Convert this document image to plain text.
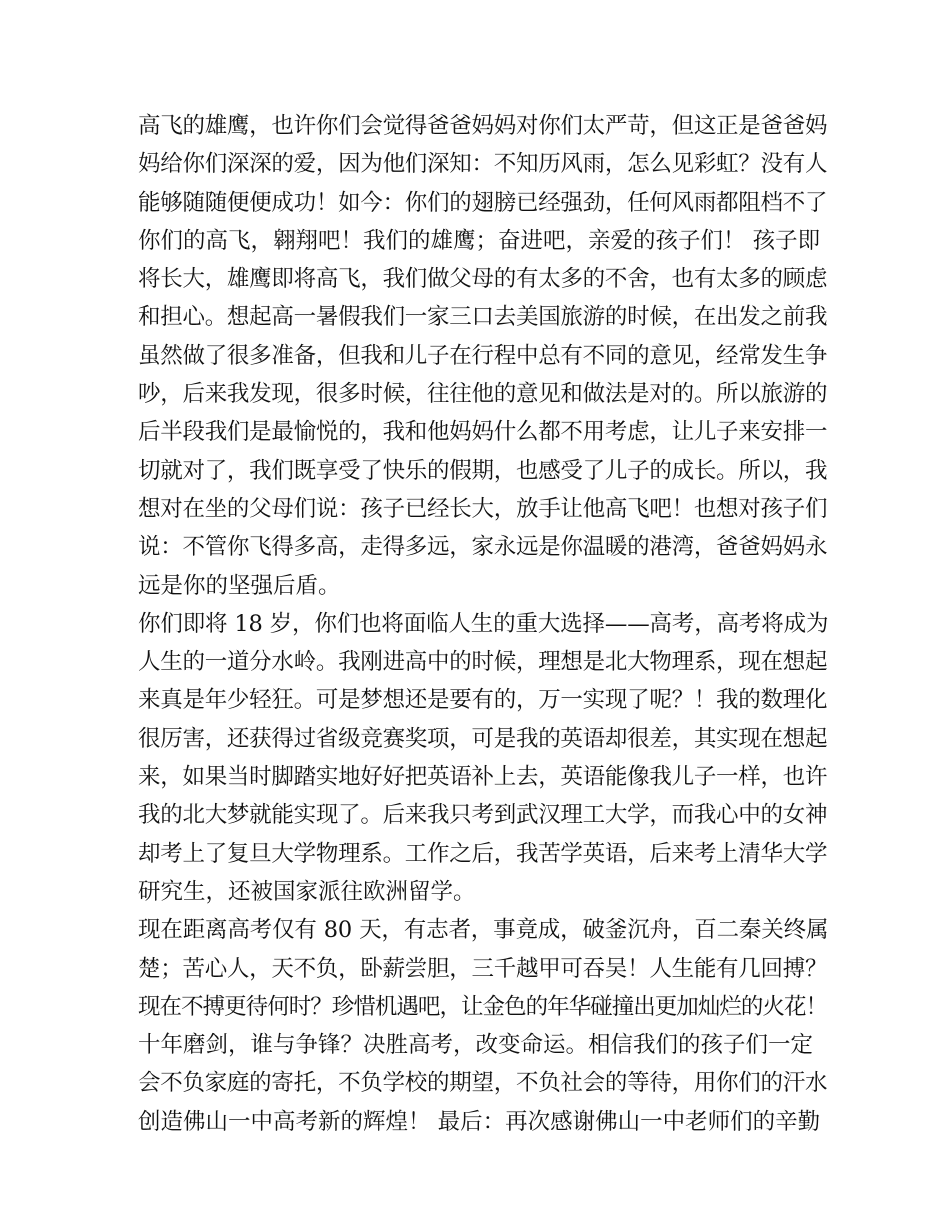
高飞的雄鹰，也许你们会觉得爸爸妈妈对你们太严苛，但这正是爸爸妈
妈给你们深深的爱，因为他们深知：不知历风雨，怎么见彩虹？没有人
能够随随便便成功！如今：你们的翅膀已经强劲，任何风雨都阻档不了
你们的高飞，翱翔吧！我们的雄鹰；奋进吧，亲爱的孩子们！ 孩子即
将长大，雄鹰即将高飞，我们做父母的有太多的不舍，也有太多的顾虑
和担心。想起高一暑假我们一家三口去美国旅游的时候，在出发之前我
虽然做了很多准备，但我和儿子在行程中总有不同的意见，经常发生争
吵，后来我发现，很多时候，往往他的意见和做法是对的。所以旅游的
后半段我们是最愉悦的，我和他妈妈什么都不用考虑，让儿子来安排一
切就对了，我们既享受了快乐的假期，也感受了儿子的成长。所以，我
想对在坐的父母们说：孩子已经长大，放手让他高飞吧！也想对孩子们
说：不管你飞得多高，走得多远，家永远是你温暖的港湾，爸爸妈妈永
远是你的坚强后盾。
你们即将 18 岁，你们也将面临人生的重大选择——高考，高考将成为
人生的一道分水岭。我刚进高中的时候，理想是北大物理系，现在想起
来真是年少轻狂。可是梦想还是要有的，万一实现了呢？！我的数理化
很厉害，还获得过省级竞赛奖项，可是我的英语却很差，其实现在想起
来，如果当时脚踏实地好好把英语补上去，英语能像我儿子一样，也许
我的北大梦就能实现了。后来我只考到武汉理工大学，而我心中的女神
却考上了复旦大学物理系。工作之后，我苦学英语，后来考上清华大学
研究生，还被国家派往欧洲留学。
现在距离高考仅有 80 天，有志者，事竟成，破釜沉舟，百二秦关终属
楚；苦心人，天不负，卧薪尝胆，三千越甲可吞吴！人生能有几回搏？
现在不搏更待何时？珍惜机遇吧，让金色的年华碰撞出更加灿烂的火花！
十年磨剑，谁与争锋？决胜高考，改变命运。相信我们的孩子们一定
会不负家庭的寄托，不负学校的期望，不负社会的等待，用你们的汗水
创造佛山一中高考新的辉煌！ 最后：再次感谢佛山一中老师们的辛勤
